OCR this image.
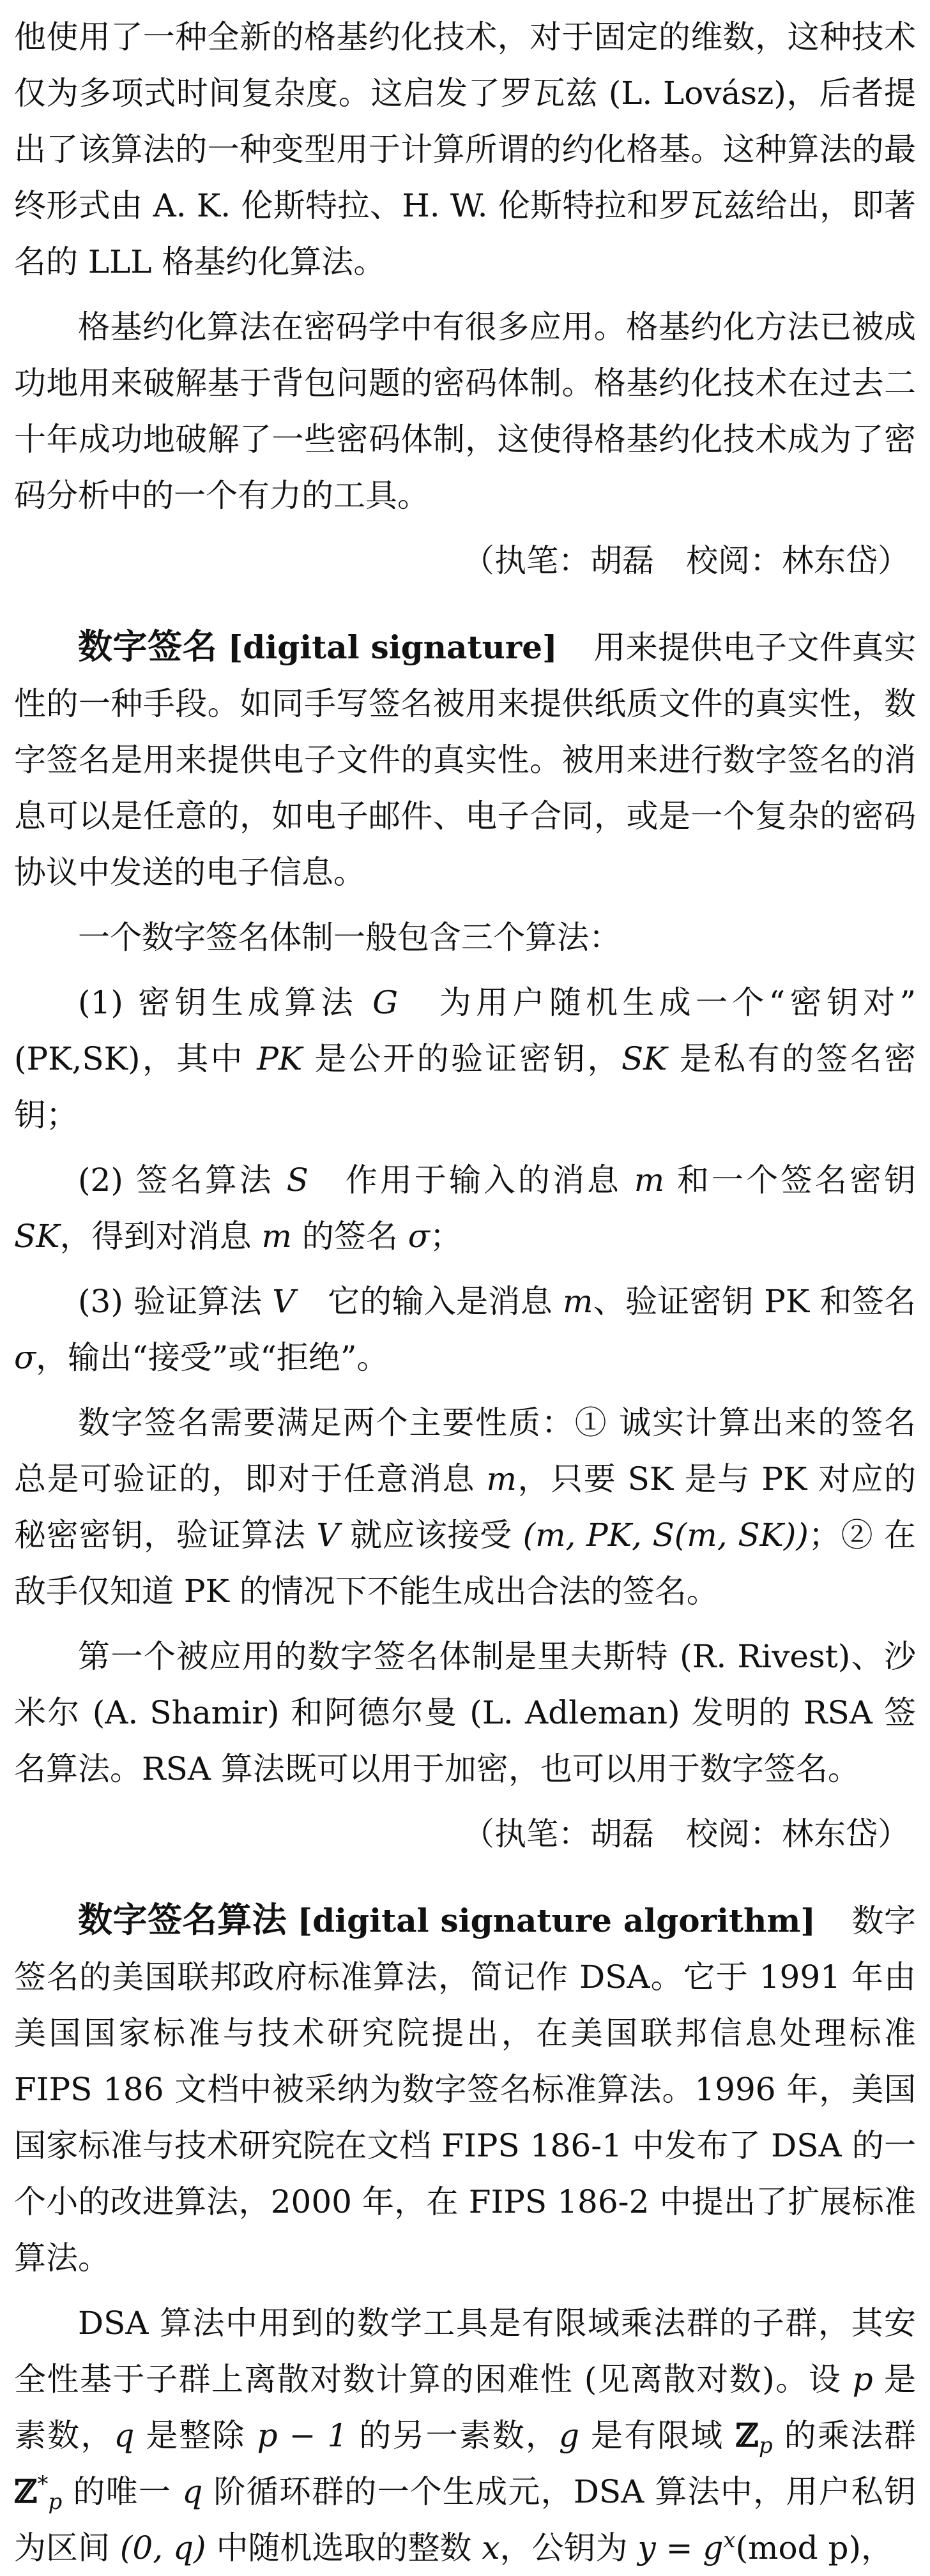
他使用了一种全新的格基约化技术，对于固定的维数，这种技术仅为多项式时间复杂度。这启发了罗瓦兹 (L. Lovász)，后者提出了该算法的一种变型用于计算所谓的约化格基。这种算法的最终形式由 A. K. 伦斯特拉、H. W. 伦斯特拉和罗瓦兹给出，即著名的 LLL 格基约化算法。

格基约化算法在密码学中有很多应用。格基约化方法已被成功地用来破解基于背包问题的密码体制。格基约化技术在过去二十年成功地破解了一些密码体制，这使得格基约化技术成为了密码分析中的一个有力的工具。

（执笔：胡磊　校阅：林东岱）

数字签名 [digital signature] 用来提供电子文件真实性的一种手段。如同手写签名被用来提供纸质文件的真实性，数字签名是用来提供电子文件的真实性。被用来进行数字签名的消息可以是任意的，如电子邮件、电子合同，或是一个复杂的密码协议中发送的电子信息。

一个数字签名体制一般包含三个算法：

(1) 密钥生成算法 G　 为用户随机生成一个“密钥对” (PK,SK)，其中 PK 是公开的验证密钥，SK 是私有的签名密钥；

(2) 签名算法 S　 作用于输入的消息 m 和一个签名密钥 SK，得到对消息 m 的签名 σ；

(3) 验证算法 V　 它的输入是消息 m、验证密钥 PK 和签名 σ，输出“接受”或“拒绝”。

数字签名需要满足两个主要性质：① 诚实计算出来的签名总是可验证的，即对于任意消息 m，只要 SK 是与 PK 对应的秘密密钥，验证算法 V 就应该接受 (m, PK, S(m, SK))；② 在敌手仅知道 PK 的情况下不能生成出合法的签名。

第一个被应用的数字签名体制是里夫斯特 (R. Rivest)、沙米尔 (A. Shamir) 和阿德尔曼 (L. Adleman) 发明的 RSA 签名算法。RSA 算法既可以用于加密，也可以用于数字签名。

（执笔：胡磊　校阅：林东岱）

数字签名算法 [digital signature algorithm] 数字签名的美国联邦政府标准算法，简记作 DSA。它于 1991 年由美国国家标准与技术研究院提出，在美国联邦信息处理标准 FIPS 186 文档中被采纳为数字签名标准算法。1996 年，美国国家标准与技术研究院在文档 FIPS 186-1 中发布了 DSA 的一个小的改进算法，2000 年，在 FIPS 186-2 中提出了扩展标准算法。

DSA 算法中用到的数学工具是有限域乘法群的子群，其安全性基于子群上离散对数计算的困难性 (见离散对数)。设 p 是素数，q 是整除 p − 1 的另一素数，g 是有限域 ℤ$_p$ 的乘法群 ℤ*$_p$ 的唯一 q 阶循环群的一个生成元，DSA 算法中，用户私钥为区间 (0, q) 中随机选取的整数 x，公钥为 $y = g^x(mod$ p)，
